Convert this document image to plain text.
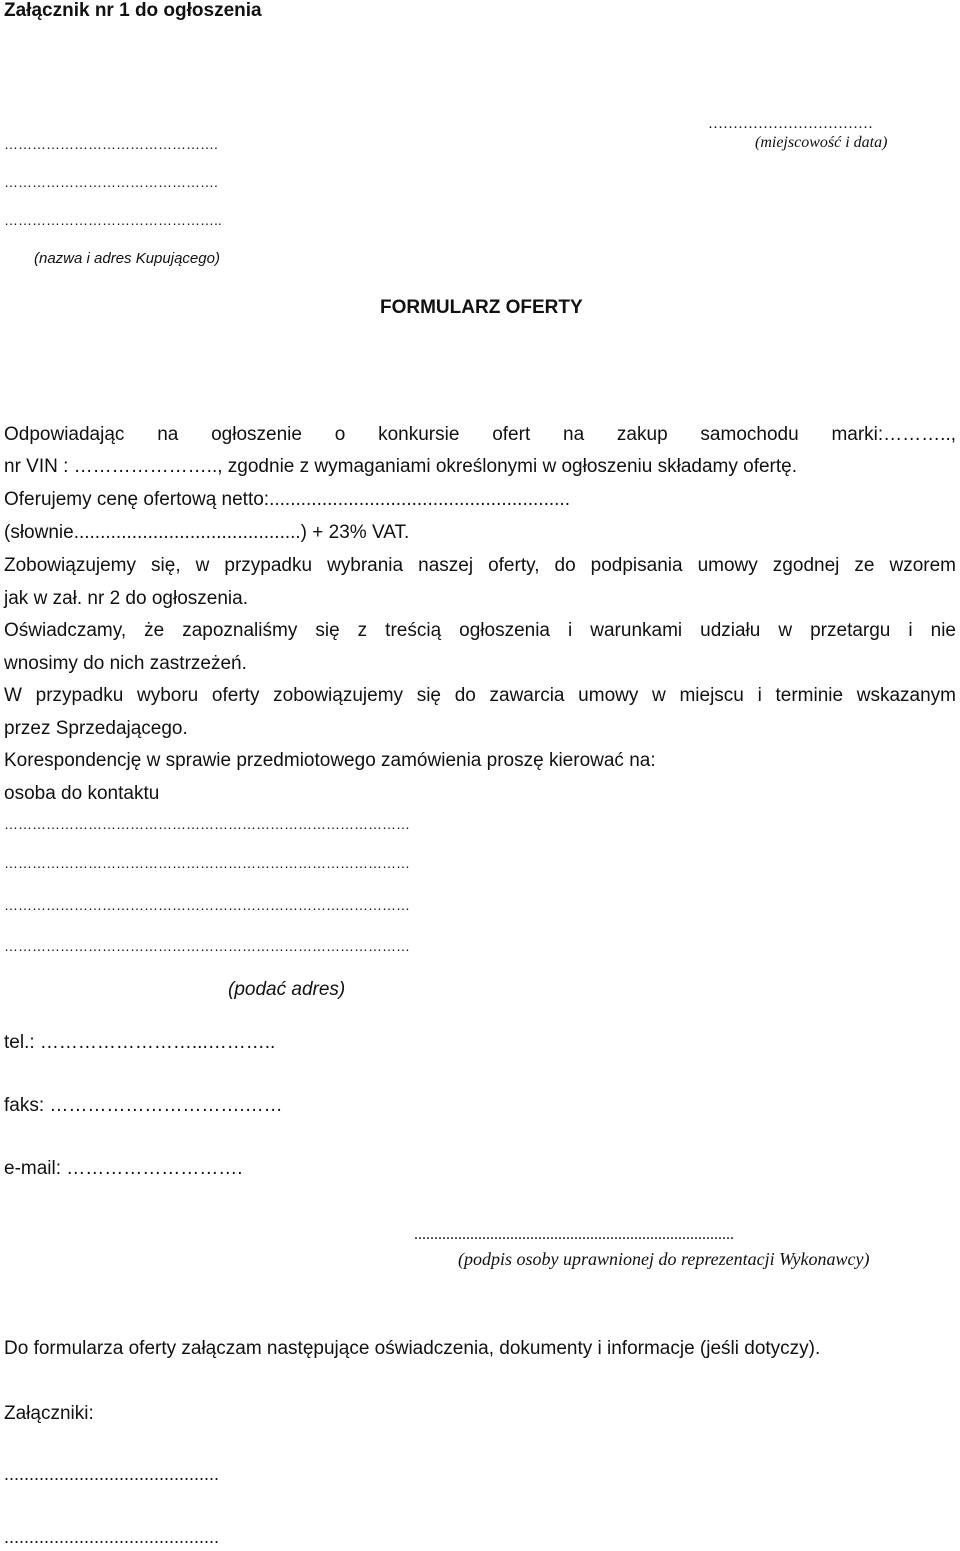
Załącznik nr 1 do ogłoszenia
……………………………
(miejscowość i data)
……………………………………….
……………………………………….
………………………………………..
(nazwa i adres Kupującego)
FORMULARZ OFERTY
Odpowiadając na ogłoszenie o konkursie ofert na zakup samochodu marki:………..,
nr VIN : ………………….., zgodnie z wymaganiami określonymi w ogłoszeniu składamy ofertę.
Oferujemy cenę ofertową netto:.........................................................
(słownie...........................................) + 23% VAT.
Zobowiązujemy się, w przypadku wybrania naszej oferty, do podpisania umowy zgodnej ze wzorem
jak w zał. nr 2 do ogłoszenia.
Oświadczamy, że zapoznaliśmy się z treścią ogłoszenia i warunkami udziału w przetargu i nie
wnosimy do nich zastrzeżeń.
W przypadku wyboru oferty zobowiązujemy się do zawarcia umowy w miejscu i terminie wskazanym
przez Sprzedającego.
Korespondencję w sprawie przedmiotowego zamówienia proszę kierować na:
osoba do kontaktu
……………………………………………………………………………
……………………………………………………………………………
……………………………………………………………………………
……………………………………………………………………………
(podać adres)
tel.: ……………………...………..
faks: ………………………….……
e-mail: ……………………….
................................................................................
(podpis osoby uprawnionej do reprezentacji Wykonawcy)
Do formularza oferty załączam następujące oświadczenia, dokumenty i informacje (jeśli dotyczy).
Załączniki:
...........................................
...........................................
